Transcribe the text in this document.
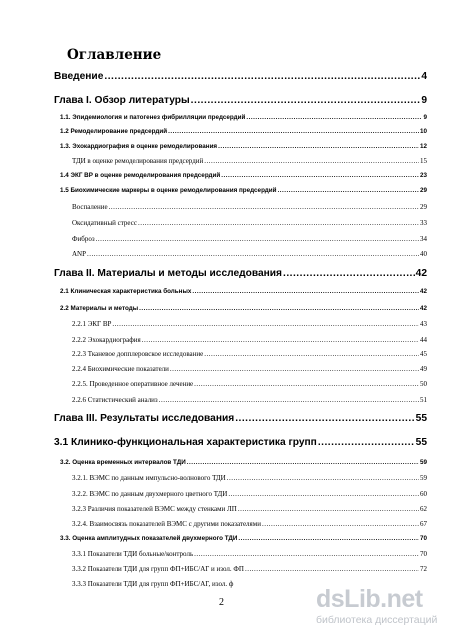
Оглавление
Введение .....	4
Глава I. Обзор литературы .....	9
1.1. Эпидемиология и патогенез фибрилляции предсердий .....	9
1.2 Ремоделирование предсердий .....	10
1.3. Эхокардиография в оценке ремоделирования .....	12
ТДИ в оценке ремоделирования предсердий .....	15
1.4 ЭКГ ВР в оценке ремоделирования предсердий .....	23
1.5 Биохимические маркеры в оценке ремоделирования предсердий .....	29
Воспаление .....	29
Оксидативный стресс .....	33
Фиброз .....	34
ANP .....	40
Глава II. Материалы и методы исследования .....	42
2.1 Клиническая характеристика больных .....	42
2.2 Материалы и методы .....	42
2.2.1 ЭКГ ВР .....	43
2.2.2 Эхокардиография .....	44
2.2.3 Тканевое допплеровское исследование .....	45
2.2.4 Биохимические показатели .....	49
2.2.5. Проведенное оперативное лечение .....	50
2.2.6 Статистический анализ .....	51
Глава III. Результаты исследования .....	55
3.1 Клинико-функциональная характеристика групп .....	55
3.2. Оценка временных интервалов ТДИ .....	59
3.2.1. ВЭМС по данным импульсно-волнового ТДИ .....	59
3.2.2. ВЭМС по данным двухмерного цветного ТДИ .....	60
3.2.3 Различия показателей ВЭМС между стенками ЛП .....	62
3.2.4. Взаимосвязь показателей ВЭМС с другими показателями .....	67
3.3. Оценка амплитудных показателей двухмерного ТДИ .....	70
3.3.1 Показатели ТДИ больные/контроль .....	70
3.3.2 Показатели ТДИ для групп ФП+ИБС/АГ и изол. ФП .....	72
3.3.3 Показатели ТДИ для групп ФП+ИБС/АГ, изол. ф
2	dsLib.net
библиотека диссертаций
